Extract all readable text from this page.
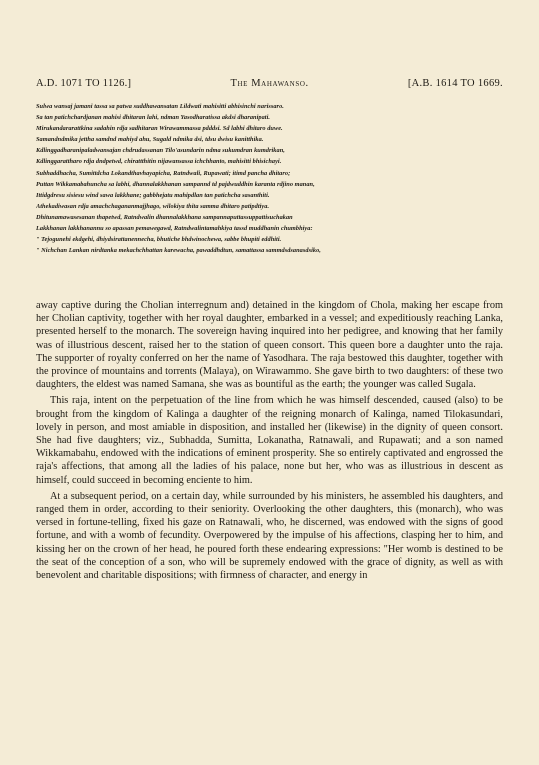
A.D. 1071 TO 1126.]	The Mahawanso.	[A.B. 1614 TO 1669.
Sulwa wansaj jamani tassa sa patwa suddhawansatan Lildwati mahisitti abhisinchi narissaro.
Sa tan patichchardjanan mahisi dhitaran lahi, ndman Yasodharatissa akdsi dharanipati.
Mirukandararattkina sadahin rdja sadhitaran Wirawammassa pdddsi. Sd labhi dhitaro duwe.
Samandndmika jettha samdnd mahiyd ahu, Sugald ndmika dsi, tdsu dwisu kanitthika.
Kdlinggadharanipaladwansajan chdrudassanan Tilo'asundarin ndma sukumdran kumdrikan,
Kdlinggarattharo rdja dndpetwd, chirattthitin nijawansassa ichchhanto, mahisitti bhisichayi.
Subhaddhacha, Sumittdcha Lokandthavhayapicha, Ratndwali, Rupawati; itimd pancha dhitaro;
Puttan Wikkamabahuncha sa labhi, dhannalakkhanan sampannd td pajdwuddhin karanta rdjino manan,
Ittidgdresu sisiesu wind sawa lakkhane; gabbhejatu mahipdlan tan patichcha sasanthiti.
Athekadiwasan rdja amachchagananmajjhago, wilokiya thita samma dhitaro patipdtiya.
Dhitunamawasesanan thapetwd, Ratndwalin dhannalakkhana sampannaputtassuppattisuchakan
Lakkhanan lakkhanannu so apassan pemawegawd, Ratndwalintamahkiya tassd muddhanin chumbhiya:
" Tejogunehi ekdgehi, dhiydsirattanennecha, bhutiche bhdwinochewa, sabbe bhupiti eddhiti.
" Nichchan Lankan nirdtanka mekachchhattan karewacha, pawaddhdtun, samattassa sammdsdsanasdsiko,

away captive during the Cholian interregnum and) detained in the kingdom of Chola, making her escape from her Cholian captivity, together with her royal daughter, embarked in a vessel; and expeditiously reaching Lanka, presented herself to the monarch. The sovereign having inquired into her pedigree, and knowing that her family was of illustrious descent, raised her to the station of queen consort. This queen bore a daughter unto the raja. The supporter of royalty conferred on her the name of Yasodhara. The raja bestowed this daughter, together with the province of mountains and torrents (Malaya), on Wirawammo. She gave birth to two daughters: of these two daughters, the eldest was named Samana, she was as bountiful as the earth; the younger was called Sugala.

This raja, intent on the perpetuation of the line from which he was himself descended, caused (also) to be brought from the kingdom of Kalinga a daughter of the reigning monarch of Kalinga, named Tilokasundari, lovely in person, and most amiable in disposition, and installed her (likewise) in the dignity of queen consort. She had five daughters; viz., Subhadda, Sumitta, Lokanatha, Ratnawali, and Rupawati; and a son named Wikkamabahu, endowed with the indications of eminent prosperity. She so entirely captivated and engrossed the raja's affections, that among all the ladies of his palace, none but her, who was as illustrious in descent as himself, could succeed in becoming enciente to him.

At a subsequent period, on a certain day, while surrounded by his ministers, he assembled his daughters, and ranged them in order, according to their seniority. Overlooking the other daughters, this (monarch), who was versed in fortune-telling, fixed his gaze on Ratnawali, who, he discerned, was endowed with the signs of good fortune, and with a womb of fecundity. Overpowered by the impulse of his affections, clasping her to him, and kissing her on the crown of her head, he poured forth these endearing expressions: "Her womb is destined to be the seat of the conception of a son, who will be supremely endowed with the grace of dignity, as well as with benevolent and charitable dispositions; with firmness of character, and energy in
